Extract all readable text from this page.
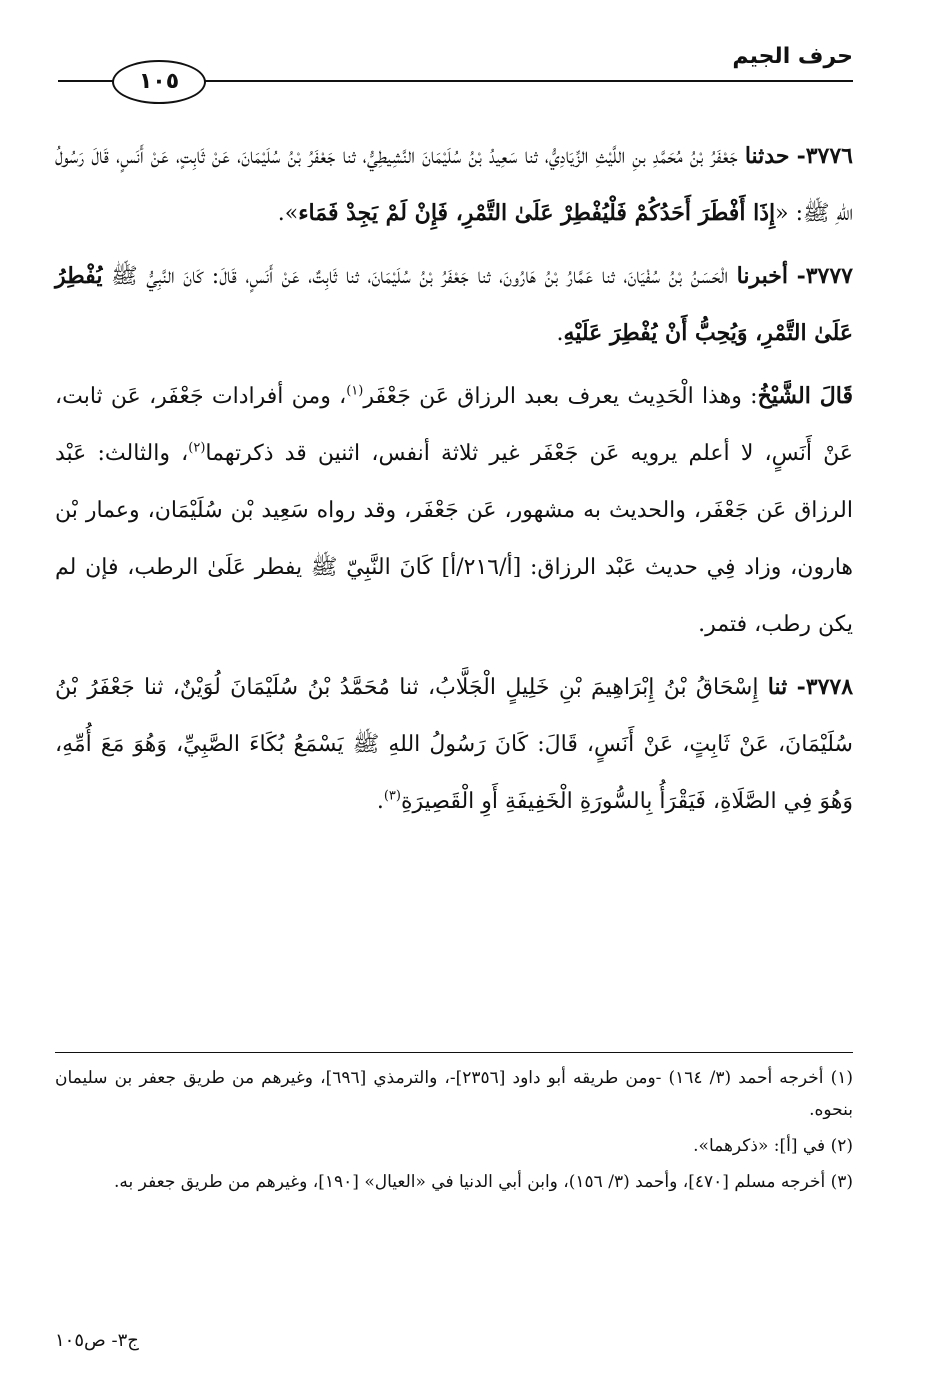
حرف الجيم
١٠٥

٣٧٧٦- حدثنا جَعْفَرُ بْنُ مُحَمَّدِ بنِ اللَّيْثِ الزِّيَادِيُّ، ثنا سَعِيدُ بْنُ سُلَيْمَانَ النَّشِيطِيُّ، ثنا جَعْفَرُ بْنُ سُلَيْمَانَ، عَنْ ثَابِتٍ، عَنْ أَنَسٍ، قَالَ رَسُولُ اللهِ ﷺ: «إِذَا أَفْطَرَ أَحَدُكُمْ فَلْيُفْطِرْ عَلَىٰ التَّمْرِ، فَإِنْ لَمْ يَجِدْ فَمَاء».

٣٧٧٧- أخبرنا الْحَسَنُ بْنُ سُفْيَانَ، ثنا عَمَّارُ بْنُ هَارُونَ، ثنا جَعْفَرُ بْنُ سُلَيْمَانَ، ثنا ثَابِتٌ، عَنْ أَنَسٍ، قَالَ: كَانَ النَّبِيُّ ﷺ يُفْطِرُ عَلَىٰ التَّمْرِ، وَيُحِبُّ أَنْ يُفْطِرَ عَلَيْهِ.

قَالَ الشَّيْخُ: وهذا الْحَدِيث يعرف بعبد الرزاق عَن جَعْفَر$^{(١)}$، ومن أفرادات جَعْفَر، عَن ثابت، عَنْ أَنَسٍ، لا أعلم يرويه عَن جَعْفَر غير ثلاثة أنفس، اثنين قد ذكرتهما$^{(٢)}$، والثالث: عَبْد الرزاق عَن جَعْفَر، والحديث به مشهور، عَن جَعْفَر، وقد رواه سَعِيد بْن سُلَيْمَان، وعمار بْن هارون، وزاد فِي حديث عَبْد الرزاق: [أ/٢١٦/أ] كَانَ النَّبِيّ ﷺ يفطر عَلَىٰ الرطب، فإن لم يكن رطب، فتمر.

٣٧٧٨- ثنا إِسْحَاقُ بْنُ إِبْرَاهِيمَ بْنِ خَلِيلٍ الْجَلَّابُ، ثنا مُحَمَّدُ بْنُ سُلَيْمَانَ لُوَيْنٌ، ثنا جَعْفَرُ بْنُ سُلَيْمَانَ، عَنْ ثَابِتٍ، عَنْ أَنَسٍ، قَالَ: كَانَ رَسُولُ اللهِ ﷺ يَسْمَعُ بُكَاءَ الصَّبِيِّ، وَهُوَ مَعَ أُمِّهِ، وَهُوَ فِي الصَّلَاةِ، فَيَقْرَأُ بِالسُّورَةِ الْخَفِيفَةِ أَوِ الْقَصِيرَةِ$^{(٣)}$.

(١) أخرجه أحمد (٣/ ١٦٤) -ومن طريقه أبو داود [٢٣٥٦]-، والترمذي [٦٩٦]، وغيرهم من طريق جعفر بن سليمان بنحوه.

(٢) في [أ]: «ذكرهما».

(٣) أخرجه مسلم [٤٧٠]، وأحمد (٣/ ١٥٦)، وابن أبي الدنيا في «العيال» [١٩٠]، وغيرهم من طريق جعفر به.

ج٣- ص١٠٥
